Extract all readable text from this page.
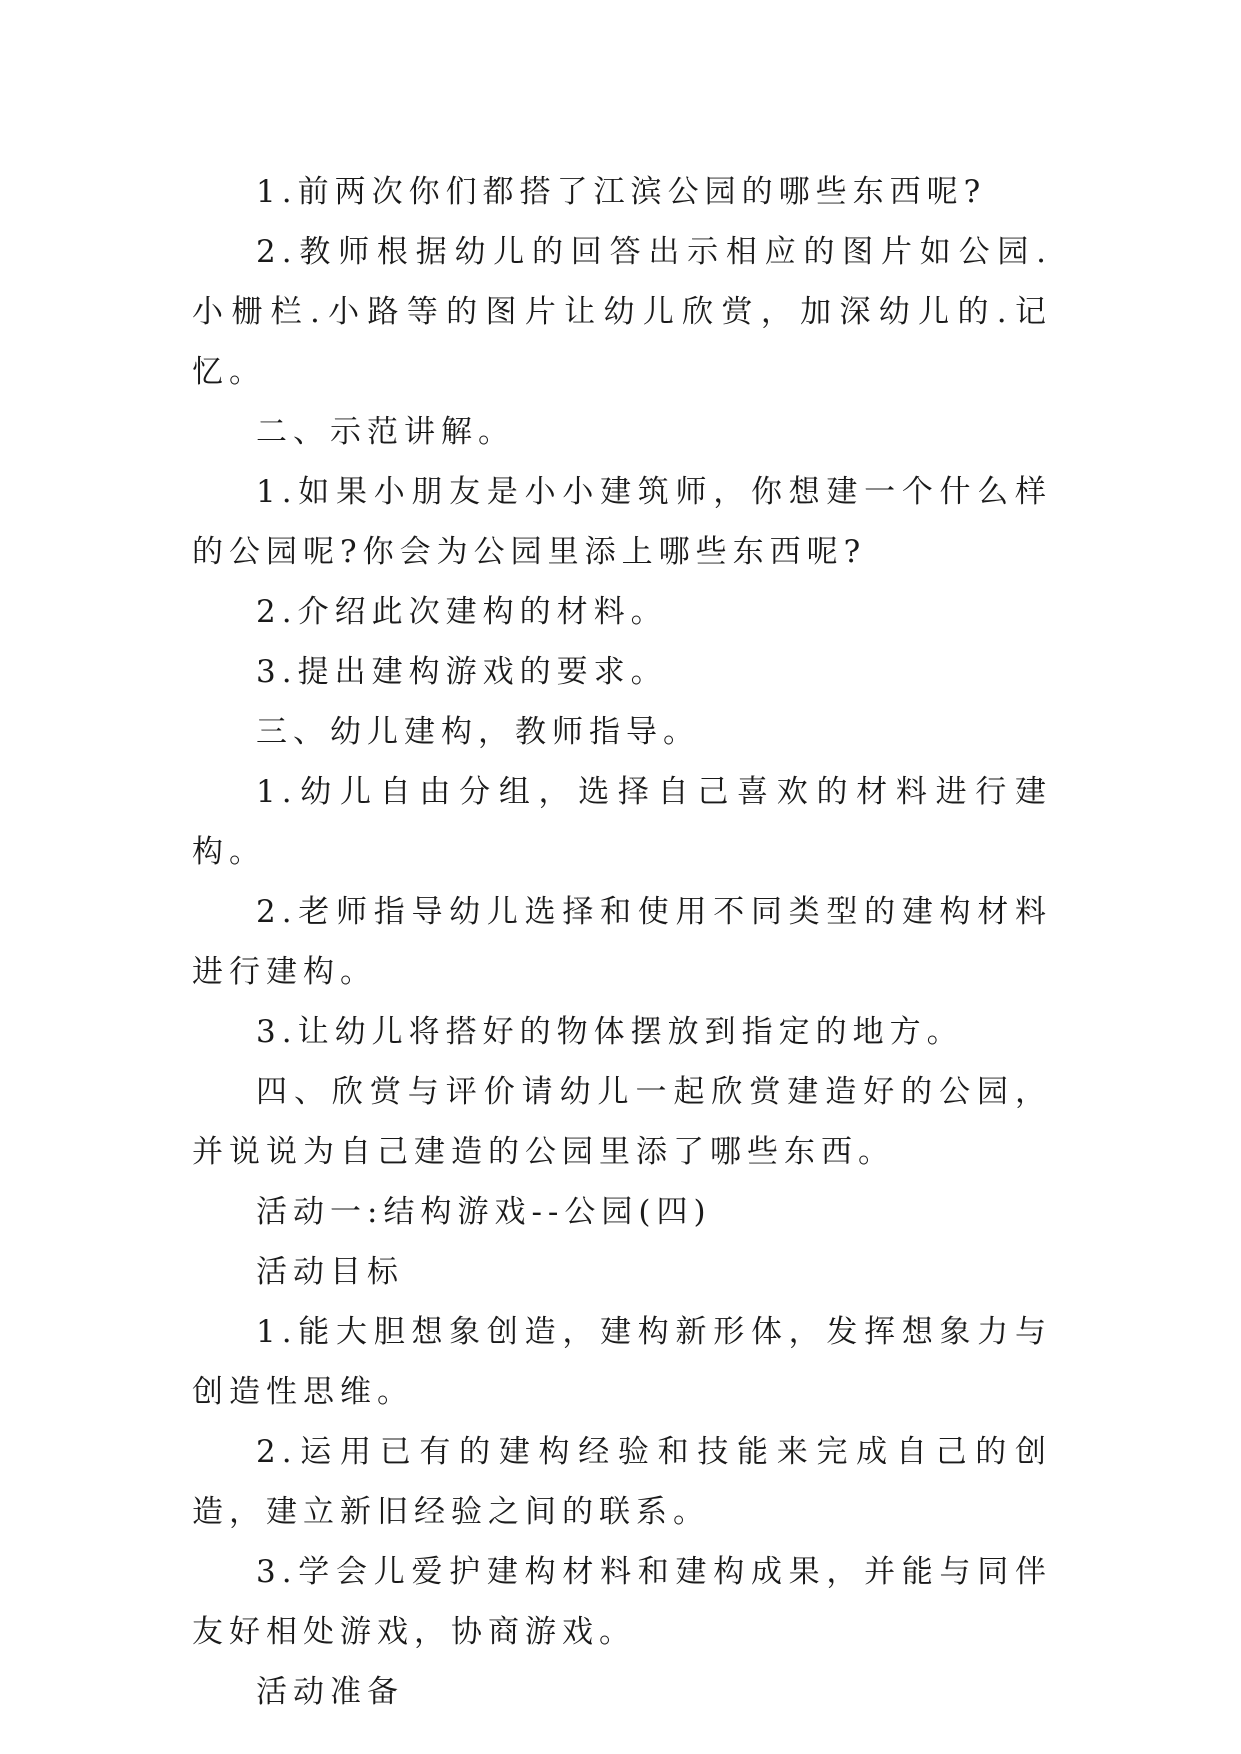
1.前两次你们都搭了江滨公园的哪些东西呢?

2.教师根据幼儿的回答出示相应的图片如公园.小栅栏.小路等的图片让幼儿欣赏，加深幼儿的.记忆。

二、示范讲解。

1.如果小朋友是小小建筑师，你想建一个什么样的公园呢?你会为公园里添上哪些东西呢?

2.介绍此次建构的材料。

3.提出建构游戏的要求。

三、幼儿建构，教师指导。

1.幼儿自由分组，选择自己喜欢的材料进行建构。

2.老师指导幼儿选择和使用不同类型的建构材料进行建构。

3.让幼儿将搭好的物体摆放到指定的地方。

四、欣赏与评价请幼儿一起欣赏建造好的公园，并说说为自己建造的公园里添了哪些东西。

活动一:结构游戏--公园(四)

活动目标

1.能大胆想象创造，建构新形体，发挥想象力与创造性思维。

2.运用已有的建构经验和技能来完成自己的创造，建立新旧经验之间的联系。

3.学会儿爱护建构材料和建构成果，并能与同伴友好相处游戏，协商游戏。

活动准备
